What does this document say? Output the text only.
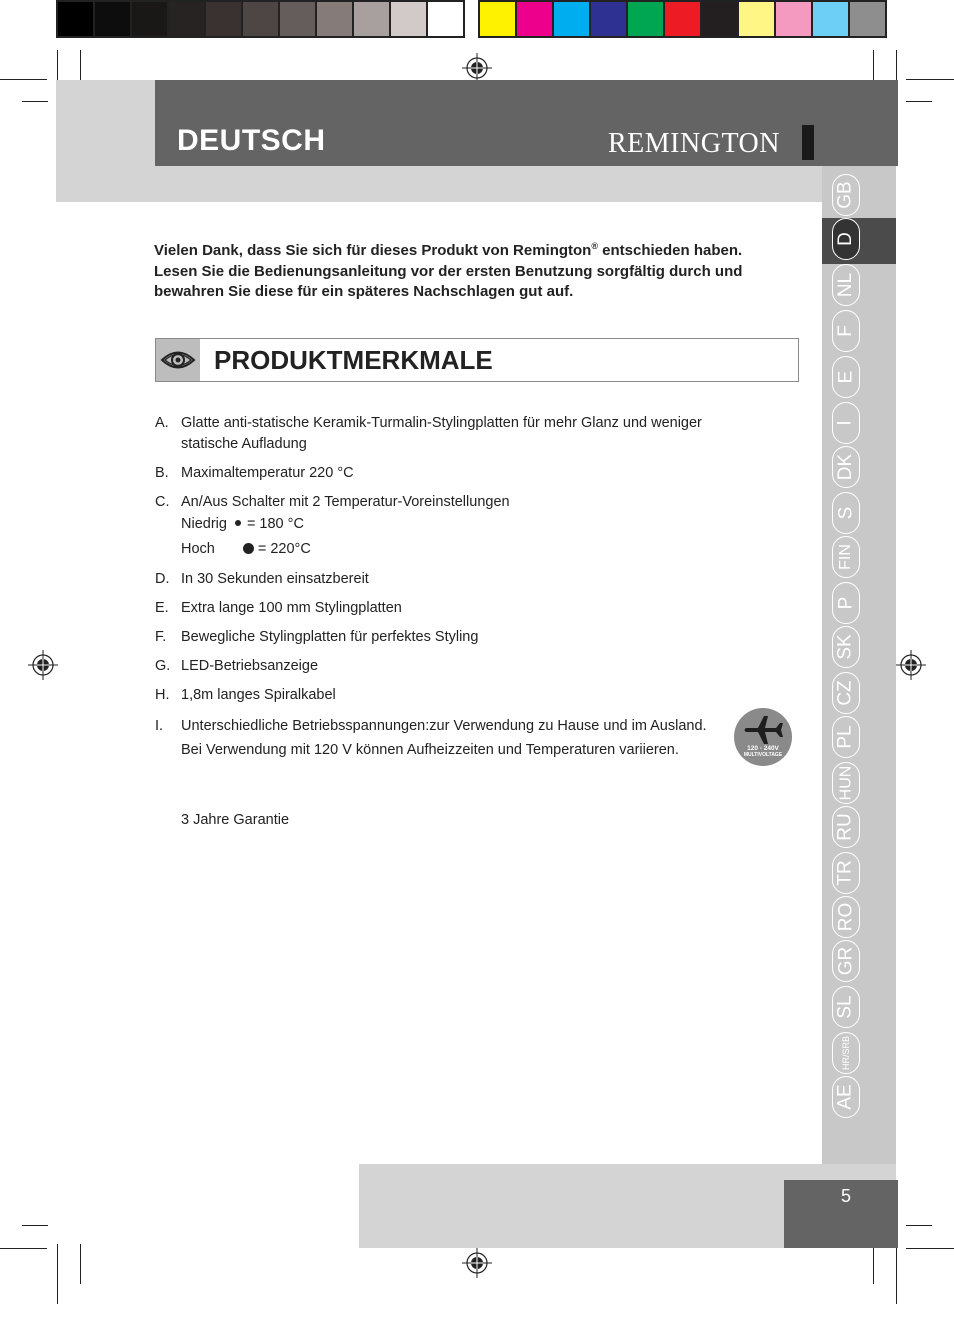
DEUTSCH	REMINGTON
GB
D
NL
F
E
I
DK
S
FIN
P
SK
CZ
PL
HUN
RU
TR
RO
GR
SL
HR/SRB
AE
Vielen Dank, dass Sie sich für dieses Produkt von Remington® entschieden haben.
Lesen Sie die Bedienungsanleitung vor der ersten Benutzung sorgfältig durch und
bewahren Sie diese für ein späteres Nachschlagen gut auf.
PRODUKTMERKMALE
A. Glatte anti-statische Keramik-Turmalin-Stylingplatten für mehr Glanz und weniger
statische Aufladung
B. Maximaltemperatur 220 °C
C. An/Aus Schalter mit 2 Temperatur-Voreinstellungen
Niedrig = 180 °C
Hoch	= 220°C
D. In 30 Sekunden einsatzbereit
E. Extra lange 100 mm Stylingplatten
F. Bewegliche Stylingplatten für perfektes Styling
G. LED-Betriebsanzeige
H. 1,8m langes Spiralkabel
I. Unterschiedliche Betriebsspannungen:zur Verwendung zu Hause und im Ausland.
Bei Verwendung mit 120 V können Aufheizzeiten und Temperaturen variieren.	120 - 240V
MULTIVOLTAGE
3 Jahre Garantie
5
